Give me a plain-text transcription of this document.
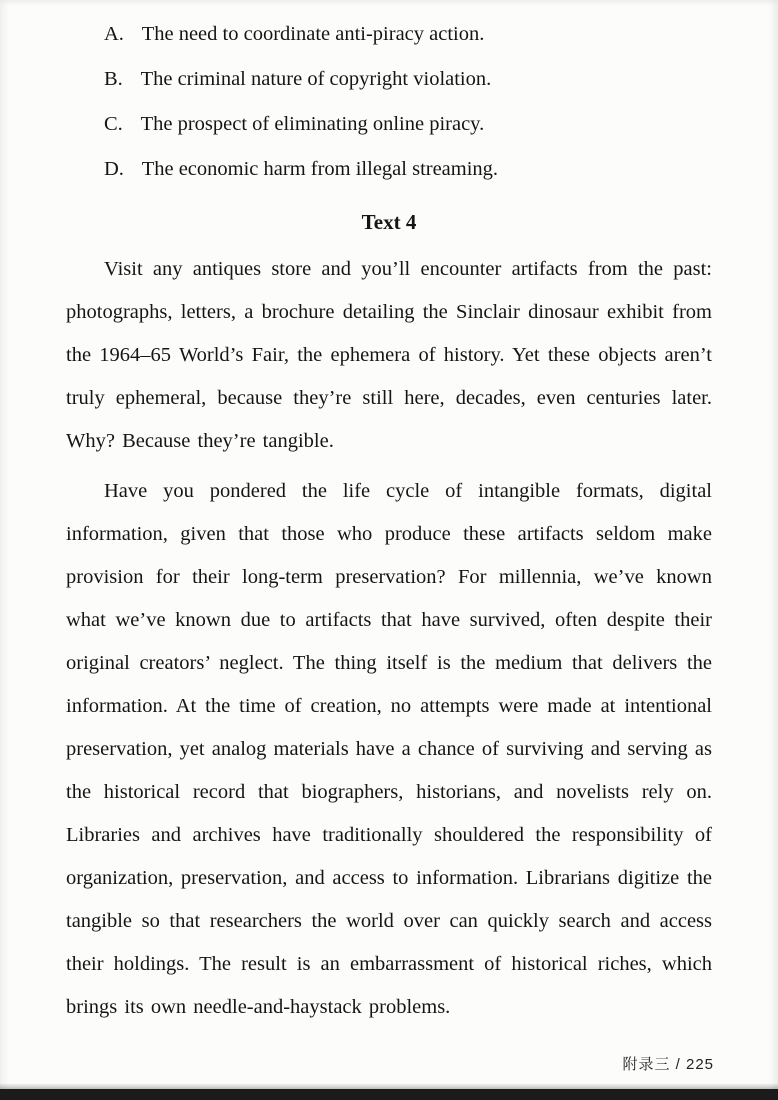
A. The need to coordinate anti-piracy action.
B. The criminal nature of copyright violation.
C. The prospect of eliminating online piracy.
D. The economic harm from illegal streaming.
Text 4

Visit any antiques store and you’ll encounter artifacts from the past: photographs, letters, a brochure detailing the Sinclair dinosaur exhibit from the 1964–65 World’s Fair, the ephemera of history. Yet these objects aren’t truly ephemeral, because they’re still here, decades, even centuries later. Why? Because they’re tangible.

Have you pondered the life cycle of intangible formats, digital information, given that those who produce these artifacts seldom make provision for their long-term preservation? For millennia, we’ve known what we’ve known due to artifacts that have survived, often despite their original creators’ neglect. The thing itself is the medium that delivers the information. At the time of creation, no attempts were made at intentional preservation, yet analog materials have a chance of surviving and serving as the historical record that biographers, historians, and novelists rely on. Libraries and archives have traditionally shouldered the responsibility of organization, preservation, and access to information. Librarians digitize the tangible so that researchers the world over can quickly search and access their holdings. The result is an embarrassment of historical riches, which brings its own needle-and-haystack problems.

附录三 / 225
